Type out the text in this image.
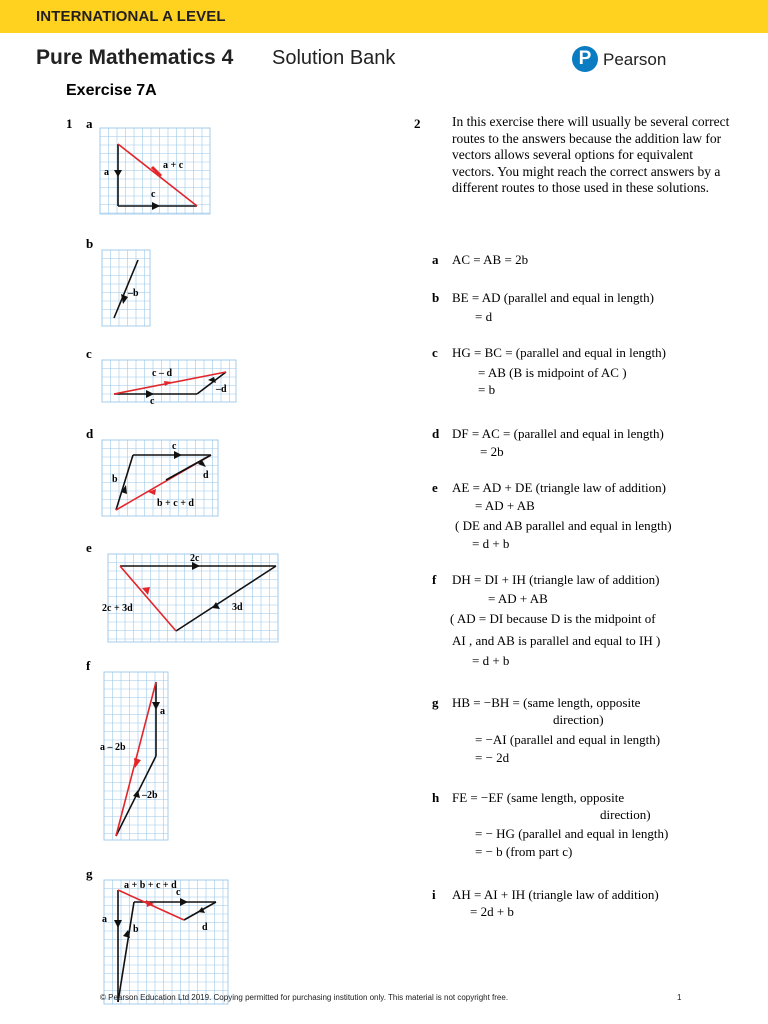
INTERNATIONAL A LEVEL
Pure Mathematics 4 Solution Bank	P Pearson
Exercise 7A
1 a
a
a + c
c
b
–b
c
c – d
c
–d
d
c
b	d
b + c + d
e
2c
2c + 3d	3d
f
a
a – 2b
–2b
g
a + b + c + d
c
a
b	d
2 In this exercise there will usually be several correct routes to the answers because the addition law for vectors allows several options for equivalent vectors. You might reach the correct answers by a different routes to those used in these solutions.
a AC = AB = 2b
b BE = AD (parallel and equal in length)
= d
c HG = BC = (parallel and equal in length)
= AB (B is midpoint of AC )
= b
d DF = AC = (parallel and equal in length)
= 2b
e AE = AD + DE (triangle law of addition)
= AD + AB
( DE and AB parallel and equal in length)
= d + b
f DH = DI + IH (triangle law of addition)
= AD + AB
( AD = DI because D is the midpoint of
AI , and AB is parallel and equal to IH )
= d + b
g HB = −BH = (same length, opposite
direction)
= −AI (parallel and equal in length)
= − 2d
h FE = −EF (same length, opposite
direction)
= − HG (parallel and equal in length)
= − b (from part c)
i AH = AI + IH (triangle law of addition)
= 2d + b
© Pearson Education Ltd 2019. Copying permitted for purchasing institution only. This material is not copyright free.	1
